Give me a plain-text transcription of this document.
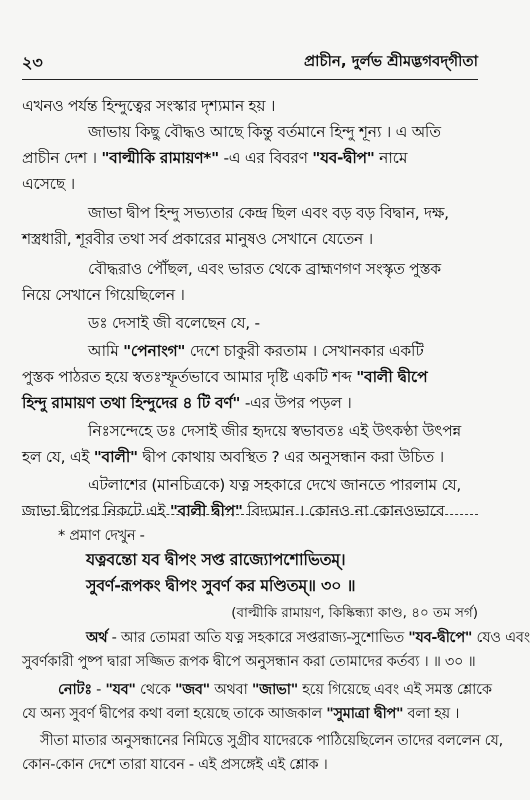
২৩	প্রাচীন, দুর্লভ শ্রীমদ্ভগবদ্‌গীতা
এখনও পর্যন্ত হিন্দুত্বের সংস্কার দৃশ্যমান হয় ।
জাভায় কিছু বৌদ্ধও আছে কিন্তু বর্তমানে হিন্দু শূন্য । এ অতি
প্রাচীন দেশ । "বাল্মীকি রামায়ণ*" -এ এর বিবরণ "যব-দ্বীপ" নামে
এসেছে ।
জাভা দ্বীপ হিন্দু সভ্যতার কেন্দ্র ছিল এবং বড় বড় বিদ্বান, দক্ষ,
শস্ত্রধারী, শূরবীর তথা সর্ব প্রকারের মানুষও সেখানে যেতেন ।
বৌদ্ধরাও পৌঁছল, এবং ভারত থেকে ব্রাহ্মণগণ সংস্কৃত পুস্তক
নিয়ে সেখানে গিয়েছিলেন ।
ডঃ দেসাই জী বলেছেন যে, -
আমি "পেনাংগ" দেশে চাকুরী করতাম । সেখানকার একটি
পুস্তক পাঠরত হয়ে স্বতঃস্ফূর্তভাবে আমার দৃষ্টি একটি শব্দ "বালী দ্বীপে
হিন্দু রামায়ণ তথা হিন্দুদের ৪ টি বর্ণ" -এর উপর পড়ল ।
নিঃসন্দেহে ডঃ দেসাই জীর হৃদয়ে স্বভাবতঃ এই উৎকণ্ঠা উৎপন্ন
হল যে, এই "বালী" দ্বীপ কোথায় অবস্থিত ? এর অনুসন্ধান করা উচিত ।
এটলাশের (মানচিত্রকে) যত্ন সহকারে দেখে জানতে পারলাম যে,
জাভা দ্বীপের নিকটে এই "বালী দ্বীপ" বিদ্যমান । কোনও না কোনওভাবে
* প্রমাণ দেখুন -
যত্নবন্তো যব দ্বীপং সপ্ত রাজ্যোপশোভিতম্।
সুবর্ণ-রূপকং দ্বীপং সুবর্ণ কর মণ্ডিতম্॥ ৩০ ॥
(বাল্মীকি রামায়ণ, কিষ্কিন্ধ্যা কাণ্ড, ৪০ তম সর্গ)
অর্থ - আর তোমরা অতি যত্ন সহকারে সপ্তরাজ্য-সুশোভিত "যব-দ্বীপে" যেও এবং
সুবর্ণকারী পুষ্প দ্বারা সজ্জিত রূপক দ্বীপে অনুসন্ধান করা তোমাদের কর্তব্য । ॥ ৩০ ॥
নোটঃ - "যব" থেকে "জব" অথবা "জাভা" হয়ে গিয়েছে এবং এই সমস্ত শ্লোকে
যে অন্য সুবর্ণ দ্বীপের কথা বলা হয়েছে তাকে আজকাল "সুমাত্রা দ্বীপ" বলা হয় ।
সীতা মাতার অনুসন্ধানের নিমিত্তে সুগ্রীব যাদেরকে পাঠিয়েছিলেন তাদের বললেন যে,
কোন-কোন দেশে তারা যাবেন - এই প্রসঙ্গেই এই শ্লোক ।
